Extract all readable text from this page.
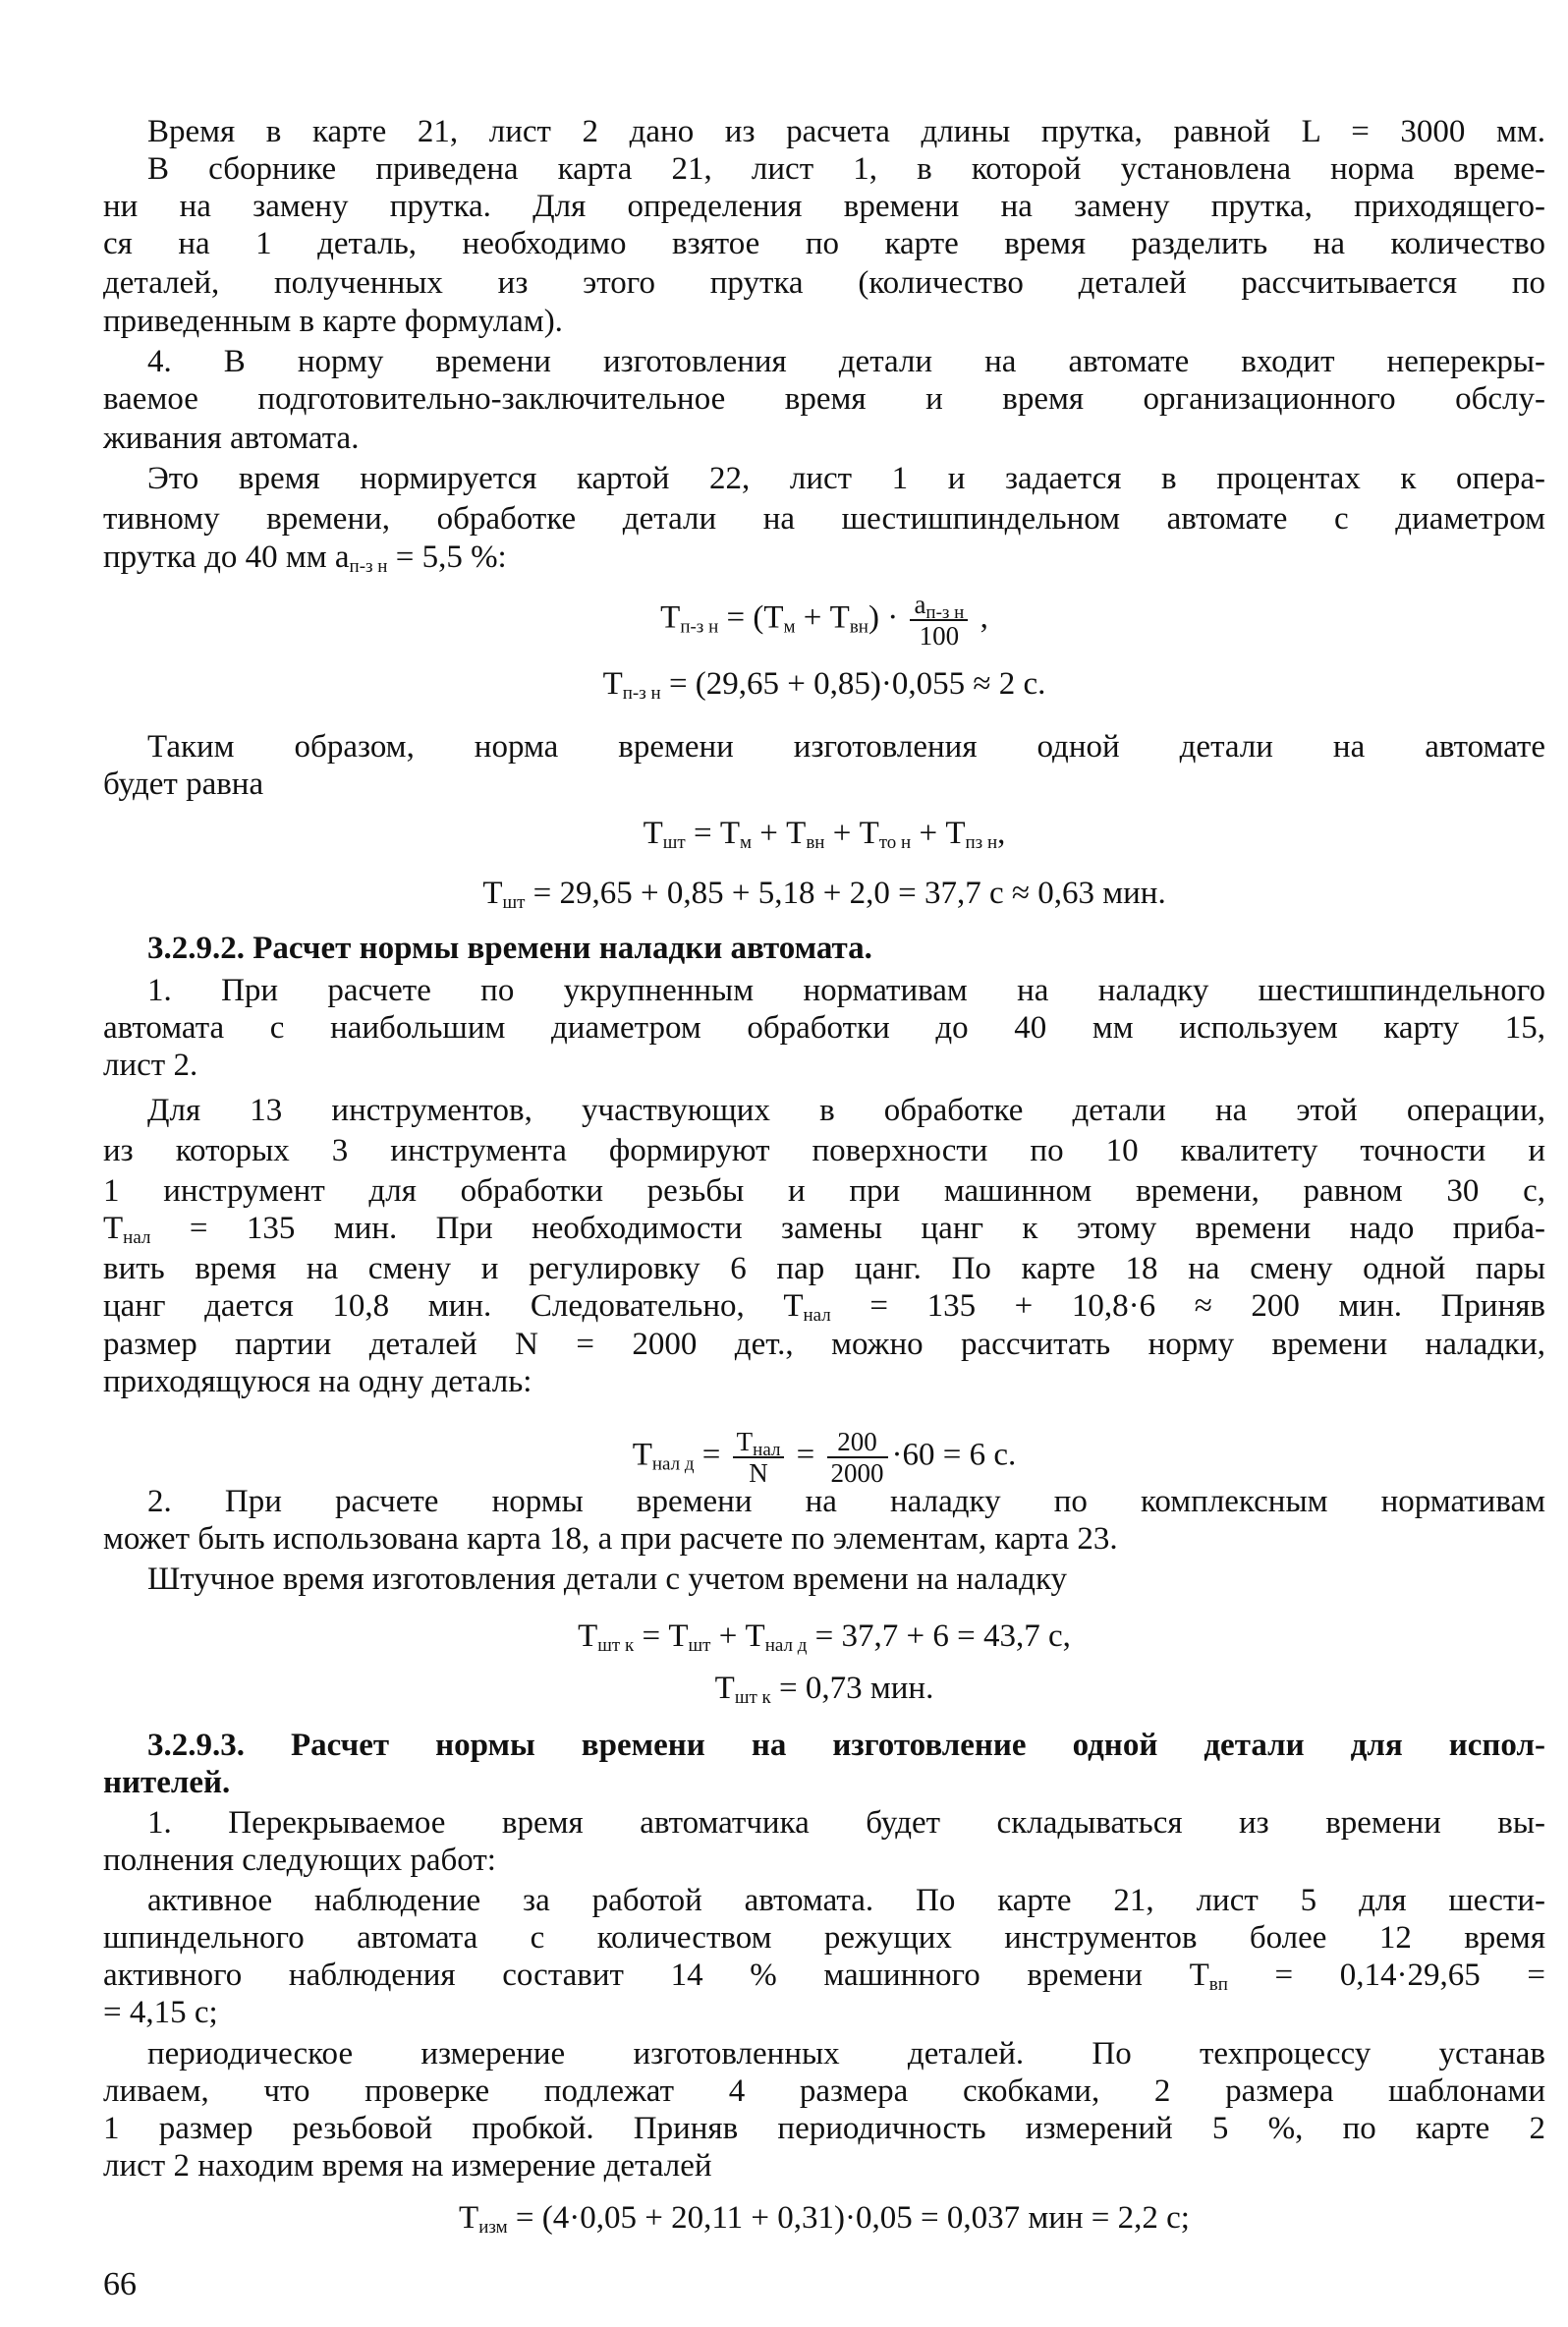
Время в карте 21, лист 2 дано из расчета длины прутка, равной L = 3000 мм.
В сборнике приведена карта 21, лист 1, в которой установлена норма време-
ни на замену прутка. Для определения времени на замену прутка, приходящего-
ся на 1 деталь, необходимо взятое по карте время разделить на количество
деталей, полученных из этого прутка (количество деталей рассчитывается по
приведенным в карте формулам).
4. В норму времени изготовления детали на автомате входит неперекры-
ваемое подготовительно-заключительное время и время организационного обслу-
живания автомата.
Это время нормируется картой 22, лист 1 и задается в процентах к опера-
тивному времени, обработке детали на шестишпиндельном автомате с диаметром
прутка до 40 мм $а_{п-з н} = 5,5$ %:
$Т_{п-з н} = (Т_м + Т_{вн}) \cdot \frac{а_{п-з н}}{100}$ ,
$Т_{п-з н} = (29,65 + 0,85)\cdot 0,055 \approx 2$ с.
Таким образом, норма времени изготовления одной детали на автомате
будет равна
$Т_{шт} = Т_м + Т_{вн} + Т_{то н} + Т_{пз н}$,
$Т_{шт} = 29,65 + 0,85 + 5,18 + 2,0 = 37,7$ с ≈ 0,63 мин.
3.2.9.2. Расчет нормы времени наладки автомата.
1. При расчете по укрупненным нормативам на наладку шестишпиндельного
автомата с наибольшим диаметром обработки до 40 мм используем карту 15,
лист 2.
Для 13 инструментов, участвующих в обработке детали на этой операции,
из которых 3 инструмента формируют поверхности по 10 квалитету точности и
1 инструмент для обработки резьбы и при машинном времени, равном 30 с,
$Т_{нал} = 135$ мин. При необходимости замены цанг к этому времени надо приба-
вить время на смену и регулировку 6 пар цанг. По карте 18 на смену одной пары
цанг дается 10,8 мин. Следовательно, $Т_{нал} = 135 + 10,8\cdot 6 \approx 200$ мин. Приняв
размер партии деталей N = 2000 дет., можно рассчитать норму времени наладки,
приходящуюся на одну деталь:
$Т_{нал д} = \frac{Т_{нал}}{N} = \frac{200}{2000} \cdot 60 = 6$ с.
2. При расчете нормы времени на наладку по комплексным нормативам
может быть использована карта 18, а при расчете по элементам, карта 23.
Штучное время изготовления детали с учетом времени на наладку
$Т_{шт к} = Т_{шт} + Т_{нал д} = 37,7 + 6 = 43,7$ с,
$Т_{шт к} = 0,73$ мин.
3.2.9.3. Расчет нормы времени на изготовление одной детали для испол-
нителей.
1. Перекрываемое время автоматчика будет складываться из времени вы-
полнения следующих работ:
активное наблюдение за работой автомата. По карте 21, лист 5 для шести-
шпиндельного автомата с количеством режущих инструментов более 12 время
активного наблюдения составит 14 % машинного времени $Т_{вп} = 0,14\cdot 29,65$ =
= 4,15 с;
периодическое измерение изготовленных деталей. По техпроцессу устанав
ливаем, что проверке подлежат 4 размера скобками, 2 размера шаблонами
1 размер резьбовой пробкой. Приняв периодичность измерений 5 %, по карте 2
лист 2 находим время на измерение деталей
$Т_{изм} = (4\cdot 0,05 + 20,11 + 0,31)\cdot 0,05 = 0,037$ мин = 2,2 с;
66
